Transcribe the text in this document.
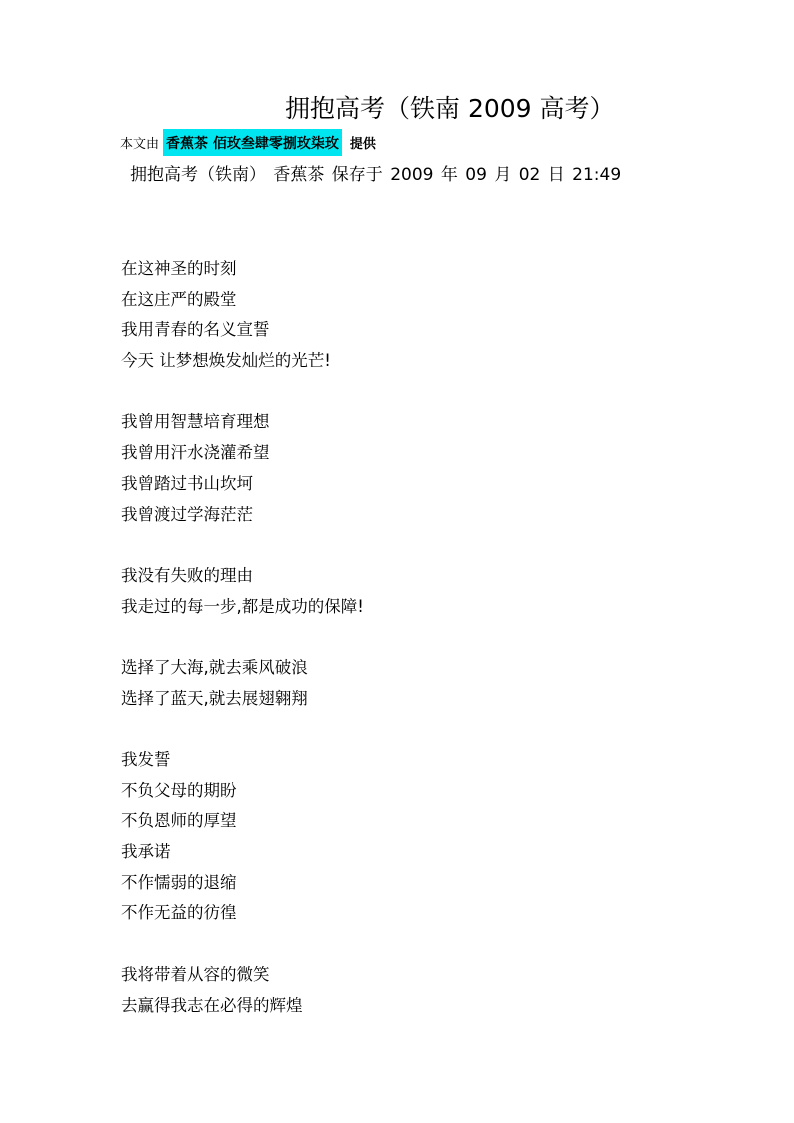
拥抱高考（铁南 2009 高考）
本文由 香蕉茶 佰玫叁肆零捌玫柒玫 提供
拥抱高考（铁南） 香蕉茶 保存于 2009 年 09 月 02 日 21:49
在这神圣的时刻
在这庄严的殿堂
我用青春的名义宣誓
今天 让梦想焕发灿烂的光芒!
我曾用智慧培育理想
我曾用汗水浇灌希望
我曾踏过书山坎坷
我曾渡过学海茫茫
我没有失败的理由
我走过的每一步,都是成功的保障!
选择了大海,就去乘风破浪
选择了蓝天,就去展翅翱翔
我发誓
不负父母的期盼
不负恩师的厚望
我承诺
不作懦弱的退缩
不作无益的彷徨
我将带着从容的微笑
去赢得我志在必得的辉煌
